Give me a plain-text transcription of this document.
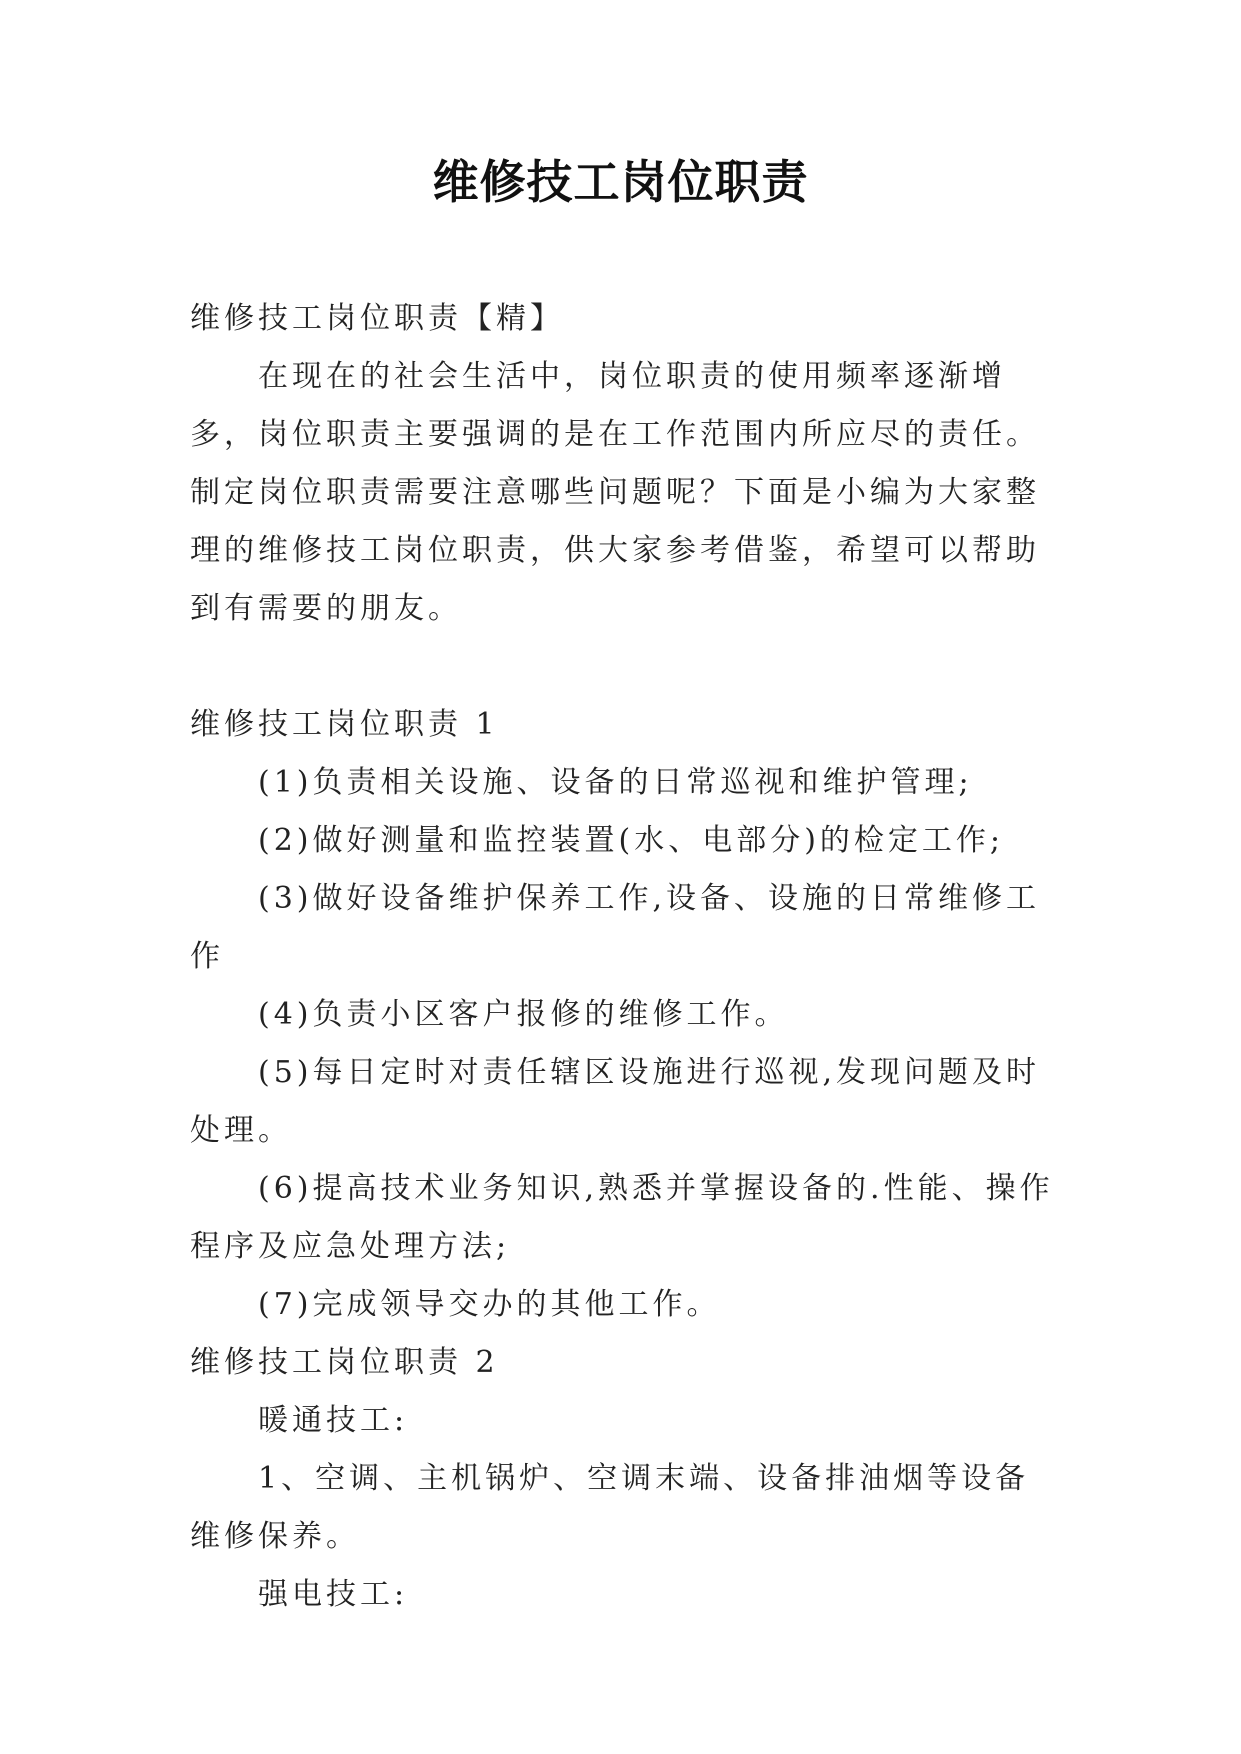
维修技工岗位职责

维修技工岗位职责【精】

在现在的社会生活中，岗位职责的使用频率逐渐增多，岗位职责主要强调的是在工作范围内所应尽的责任。制定岗位职责需要注意哪些问题呢？下面是小编为大家整理的维修技工岗位职责，供大家参考借鉴，希望可以帮助到有需要的朋友。

维修技工岗位职责 1

(1)负责相关设施、设备的日常巡视和维护管理;

(2)做好测量和监控装置(水、电部分)的检定工作;

(3)做好设备维护保养工作,设备、设施的日常维修工作

(4)负责小区客户报修的维修工作。

(5)每日定时对责任辖区设施进行巡视,发现问题及时处理。

(6)提高技术业务知识,熟悉并掌握设备的.性能、操作程序及应急处理方法;

(7)完成领导交办的其他工作。

维修技工岗位职责 2

暖通技工:

1、空调、主机锅炉、空调末端、设备排油烟等设备维修保养。

强电技工:
